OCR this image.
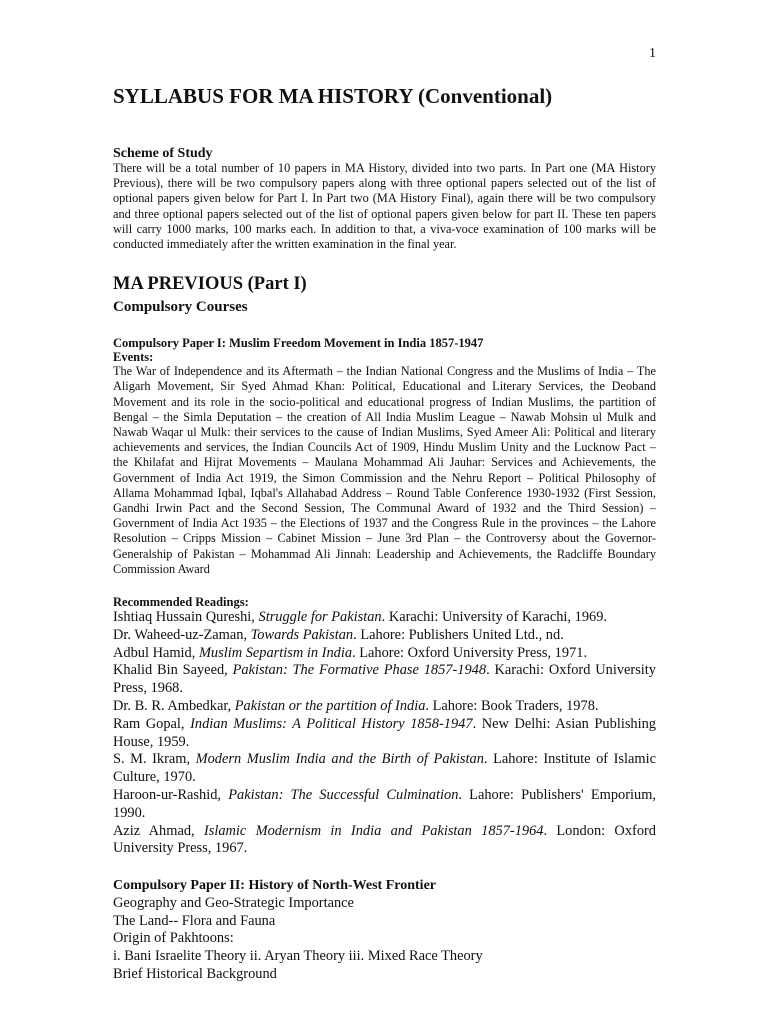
1
SYLLABUS FOR MA HISTORY (Conventional)
Scheme of Study

There will be a total number of 10 papers in MA History, divided into two parts. In Part one (MA History Previous), there will be two compulsory papers along with three optional papers selected out of the list of optional papers given below for Part I. In Part two (MA History Final), again there will be two compulsory and three optional papers selected out of the list of optional papers given below for part II. These ten papers will carry 1000 marks, 100 marks each. In addition to that, a viva-voce examination of 100 marks will be conducted immediately after the written examination in the final year.

MA PREVIOUS (Part I)
Compulsory Courses
Compulsory Paper I: Muslim Freedom Movement in India 1857-1947
Events:

The War of Independence and its Aftermath – the Indian National Congress and the Muslims of India – The Aligarh Movement, Sir Syed Ahmad Khan: Political, Educational and Literary Services, the Deoband Movement and its role in the socio-political and educational progress of Indian Muslims, the partition of Bengal – the Simla Deputation – the creation of All India Muslim League – Nawab Mohsin ul Mulk and Nawab Waqar ul Mulk: their services to the cause of Indian Muslims, Syed Ameer Ali: Political and literary achievements and services, the Indian Councils Act of 1909, Hindu Muslim Unity and the Lucknow Pact – the Khilafat and Hijrat Movements – Maulana Mohammad Ali Jauhar: Services and Achievements, the Government of India Act 1919, the Simon Commission and the Nehru Report – Political Philosophy of Allama Mohammad Iqbal, Iqbal's Allahabad Address – Round Table Conference 1930-1932 (First Session, Gandhi Irwin Pact and the Second Session, The Communal Award of 1932 and the Third Session) – Government of India Act 1935 – the Elections of 1937 and the Congress Rule in the provinces – the Lahore Resolution – Cripps Mission – Cabinet Mission – June 3rd Plan – the Controversy about the Governor-Generalship of Pakistan – Mohammad Ali Jinnah: Leadership and Achievements, the Radcliffe Boundary Commission Award

Recommended Readings:

Ishtiaq Hussain Qureshi, Struggle for Pakistan. Karachi: University of Karachi, 1969.

Dr. Waheed-uz-Zaman, Towards Pakistan. Lahore: Publishers United Ltd., nd.

Adbul Hamid, Muslim Separtism in India. Lahore: Oxford University Press, 1971.

Khalid Bin Sayeed, Pakistan: The Formative Phase 1857-1948. Karachi: Oxford University Press, 1968.

Dr. B. R. Ambedkar, Pakistan or the partition of India. Lahore: Book Traders, 1978.

Ram Gopal, Indian Muslims: A Political History 1858-1947. New Delhi: Asian Publishing House, 1959.

S. M. Ikram, Modern Muslim India and the Birth of Pakistan. Lahore: Institute of Islamic Culture, 1970.

Haroon-ur-Rashid, Pakistan: The Successful Culmination. Lahore: Publishers' Emporium, 1990.

Aziz Ahmad, Islamic Modernism in India and Pakistan 1857-1964. London: Oxford University Press, 1967.

Compulsory Paper II: History of North-West Frontier
Geography and Geo-Strategic Importance
The Land-- Flora and Fauna
Origin of Pakhtoons:
i. Bani Israelite Theory ii. Aryan Theory iii. Mixed Race Theory
Brief Historical Background
